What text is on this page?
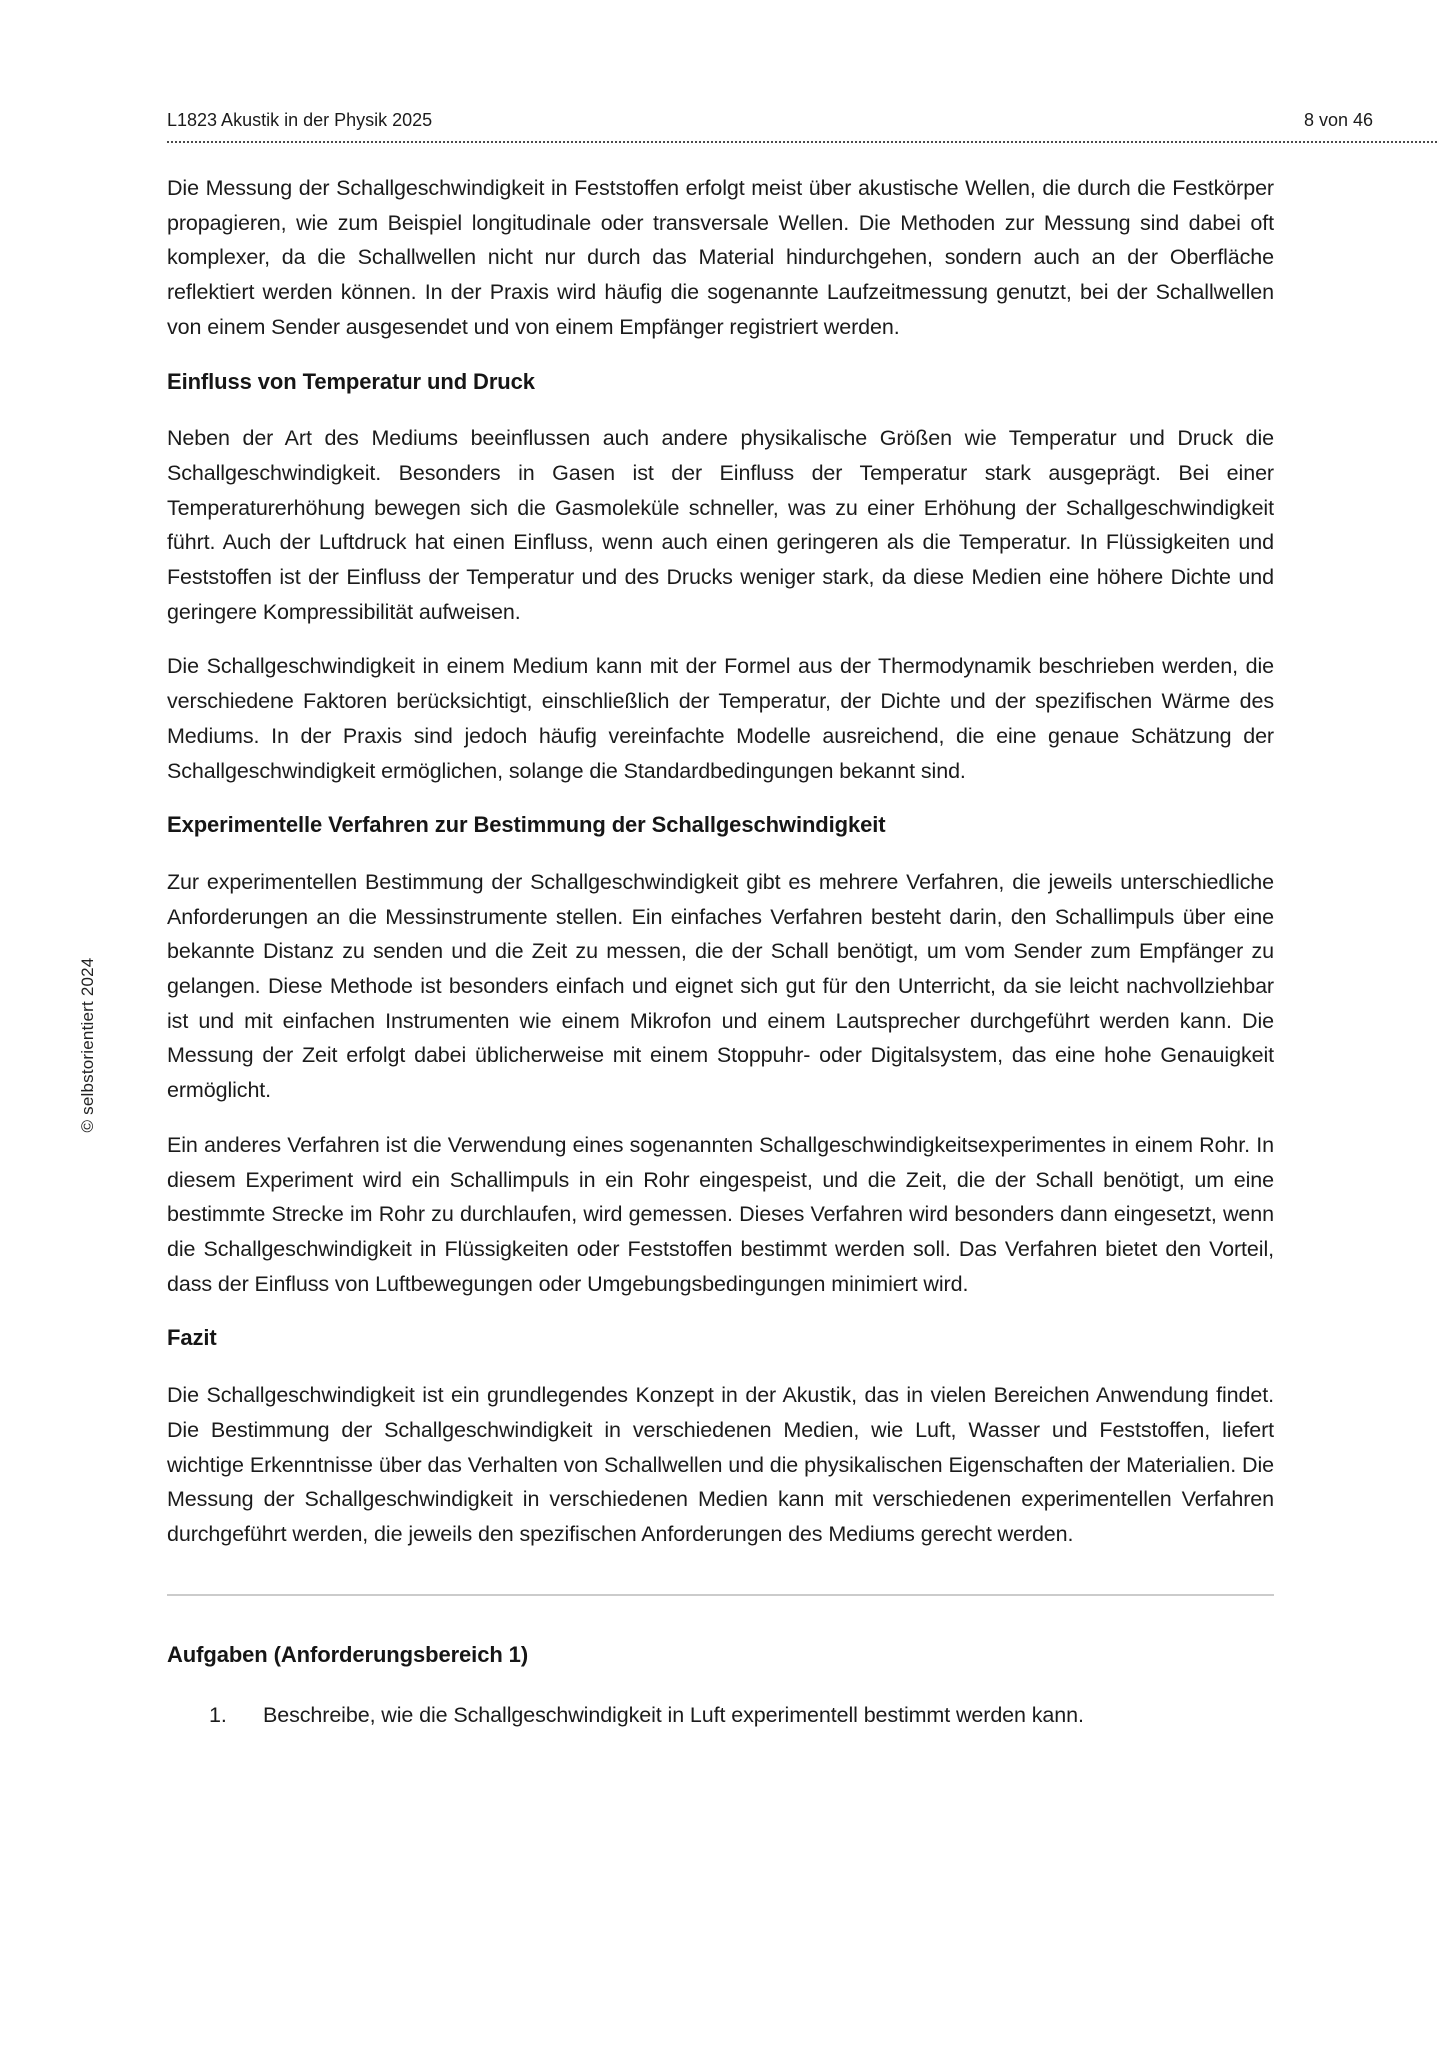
L1823 Akustik in der Physik 2025	8 von 46
© selbstorientiert 2024

Die Messung der Schallgeschwindigkeit in Feststoffen erfolgt meist über akustische Wellen, die durch die Festkörper propagieren, wie zum Beispiel longitudinale oder transversale Wellen. Die Methoden zur Messung sind dabei oft komplexer, da die Schallwellen nicht nur durch das Material hindurchgehen, sondern auch an der Oberfläche reflektiert werden können. In der Praxis wird häufig die sogenannte Laufzeitmessung genutzt, bei der Schallwellen von einem Sender ausgesendet und von einem Empfänger registriert werden.

Einfluss von Temperatur und Druck

Neben der Art des Mediums beeinflussen auch andere physikalische Größen wie Temperatur und Druck die Schallgeschwindigkeit. Besonders in Gasen ist der Einfluss der Temperatur stark ausgeprägt. Bei einer Temperaturerhöhung bewegen sich die Gasmoleküle schneller, was zu einer Erhöhung der Schallgeschwindigkeit führt. Auch der Luftdruck hat einen Einfluss, wenn auch einen geringeren als die Temperatur. In Flüssigkeiten und Feststoffen ist der Einfluss der Temperatur und des Drucks weniger stark, da diese Medien eine höhere Dichte und geringere Kompressibilität aufweisen.

Die Schallgeschwindigkeit in einem Medium kann mit der Formel aus der Thermodynamik beschrieben werden, die verschiedene Faktoren berücksichtigt, einschließlich der Temperatur, der Dichte und der spezifischen Wärme des Mediums. In der Praxis sind jedoch häufig vereinfachte Modelle ausreichend, die eine genaue Schätzung der Schallgeschwindigkeit ermöglichen, solange die Standardbedingungen bekannt sind.

Experimentelle Verfahren zur Bestimmung der Schallgeschwindigkeit

Zur experimentellen Bestimmung der Schallgeschwindigkeit gibt es mehrere Verfahren, die jeweils unterschiedliche Anforderungen an die Messinstrumente stellen. Ein einfaches Verfahren besteht darin, den Schallimpuls über eine bekannte Distanz zu senden und die Zeit zu messen, die der Schall benötigt, um vom Sender zum Empfänger zu gelangen. Diese Methode ist besonders einfach und eignet sich gut für den Unterricht, da sie leicht nachvollziehbar ist und mit einfachen Instrumenten wie einem Mikrofon und einem Lautsprecher durchgeführt werden kann. Die Messung der Zeit erfolgt dabei üblicherweise mit einem Stoppuhr- oder Digitalsystem, das eine hohe Genauigkeit ermöglicht.

Ein anderes Verfahren ist die Verwendung eines sogenannten Schallgeschwindigkeitsexperimentes in einem Rohr. In diesem Experiment wird ein Schallimpuls in ein Rohr eingespeist, und die Zeit, die der Schall benötigt, um eine bestimmte Strecke im Rohr zu durchlaufen, wird gemessen. Dieses Verfahren wird besonders dann eingesetzt, wenn die Schallgeschwindigkeit in Flüssigkeiten oder Feststoffen bestimmt werden soll. Das Verfahren bietet den Vorteil, dass der Einfluss von Luftbewegungen oder Umgebungsbedingungen minimiert wird.

Fazit

Die Schallgeschwindigkeit ist ein grundlegendes Konzept in der Akustik, das in vielen Bereichen Anwendung findet. Die Bestimmung der Schallgeschwindigkeit in verschiedenen Medien, wie Luft, Wasser und Feststoffen, liefert wichtige Erkenntnisse über das Verhalten von Schallwellen und die physikalischen Eigenschaften der Materialien. Die Messung der Schallgeschwindigkeit in verschiedenen Medien kann mit verschiedenen experimentellen Verfahren durchgeführt werden, die jeweils den spezifischen Anforderungen des Mediums gerecht werden.

Aufgaben (Anforderungsbereich 1)
1.	Beschreibe, wie die Schallgeschwindigkeit in Luft experimentell bestimmt werden kann.
